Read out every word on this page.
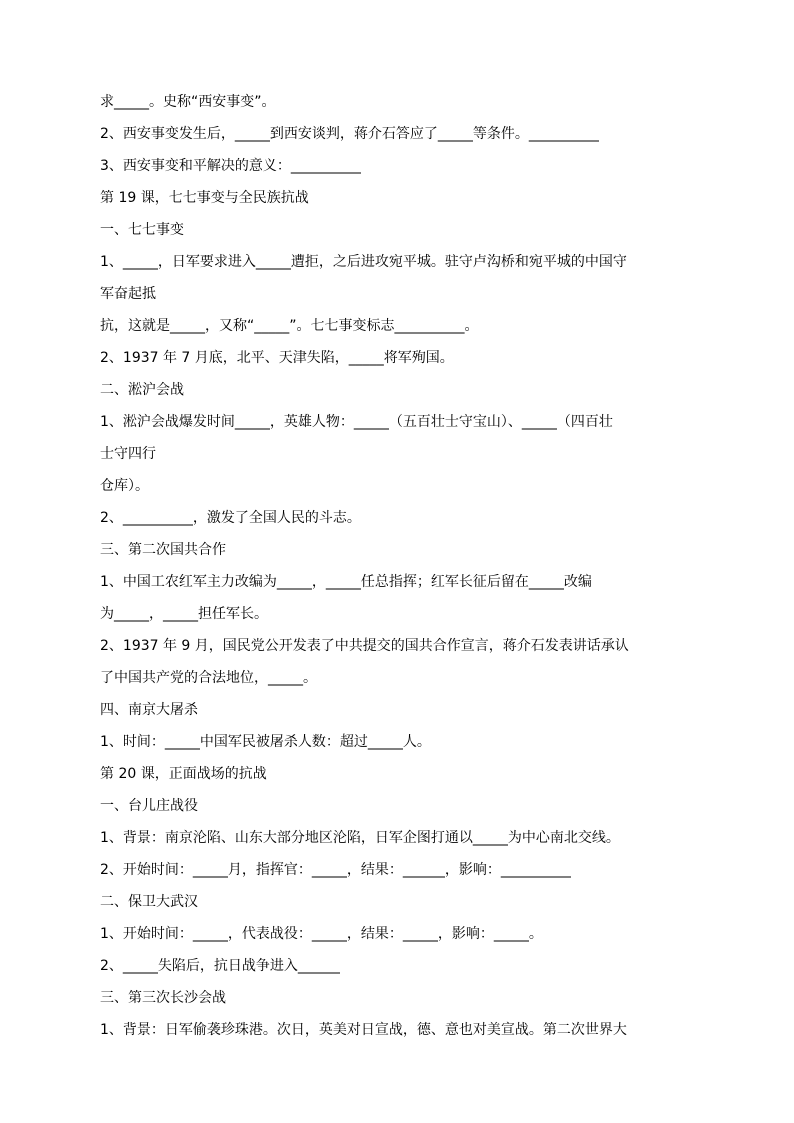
求_____。史称“西安事变”。
2、西安事变发生后，_____到西安谈判，蒋介石答应了_____等条件。__________
3、西安事变和平解决的意义：__________
第 19 课，七七事变与全民族抗战
一、七七事变
1、_____，日军要求进入_____遭拒，之后进攻宛平城。驻守卢沟桥和宛平城的中国守
军奋起抵
抗，这就是_____，又称“_____”。七七事变标志__________。
2、1937 年 7 月底，北平、天津失陷，_____将军殉国。
二、淞沪会战
1、淞沪会战爆发时间_____，英雄人物：_____（五百壮士守宝山）、_____（四百壮
士守四行
仓库）。
2、__________，激发了全国人民的斗志。
三、第二次国共合作
1、中国工农红军主力改编为_____，_____任总指挥；红军长征后留在_____改编
为_____，_____担任军长。
2、1937 年 9 月，国民党公开发表了中共提交的国共合作宣言，蒋介石发表讲话承认
了中国共产党的合法地位，_____。
四、南京大屠杀
1、时间：_____中国军民被屠杀人数：超过_____人。
第 20 课，正面战场的抗战
一、台儿庄战役
1、背景：南京沦陷、山东大部分地区沦陷，日军企图打通以_____为中心南北交线。
2、开始时间：_____月，指挥官：_____，结果：______，影响：__________
二、保卫大武汉
1、开始时间：_____，代表战役：_____，结果：_____，影响：_____。
2、_____失陷后，抗日战争进入______
三、第三次长沙会战
1、背景：日军偷袭珍珠港。次日，英美对日宣战，德、意也对美宣战。第二次世界大
